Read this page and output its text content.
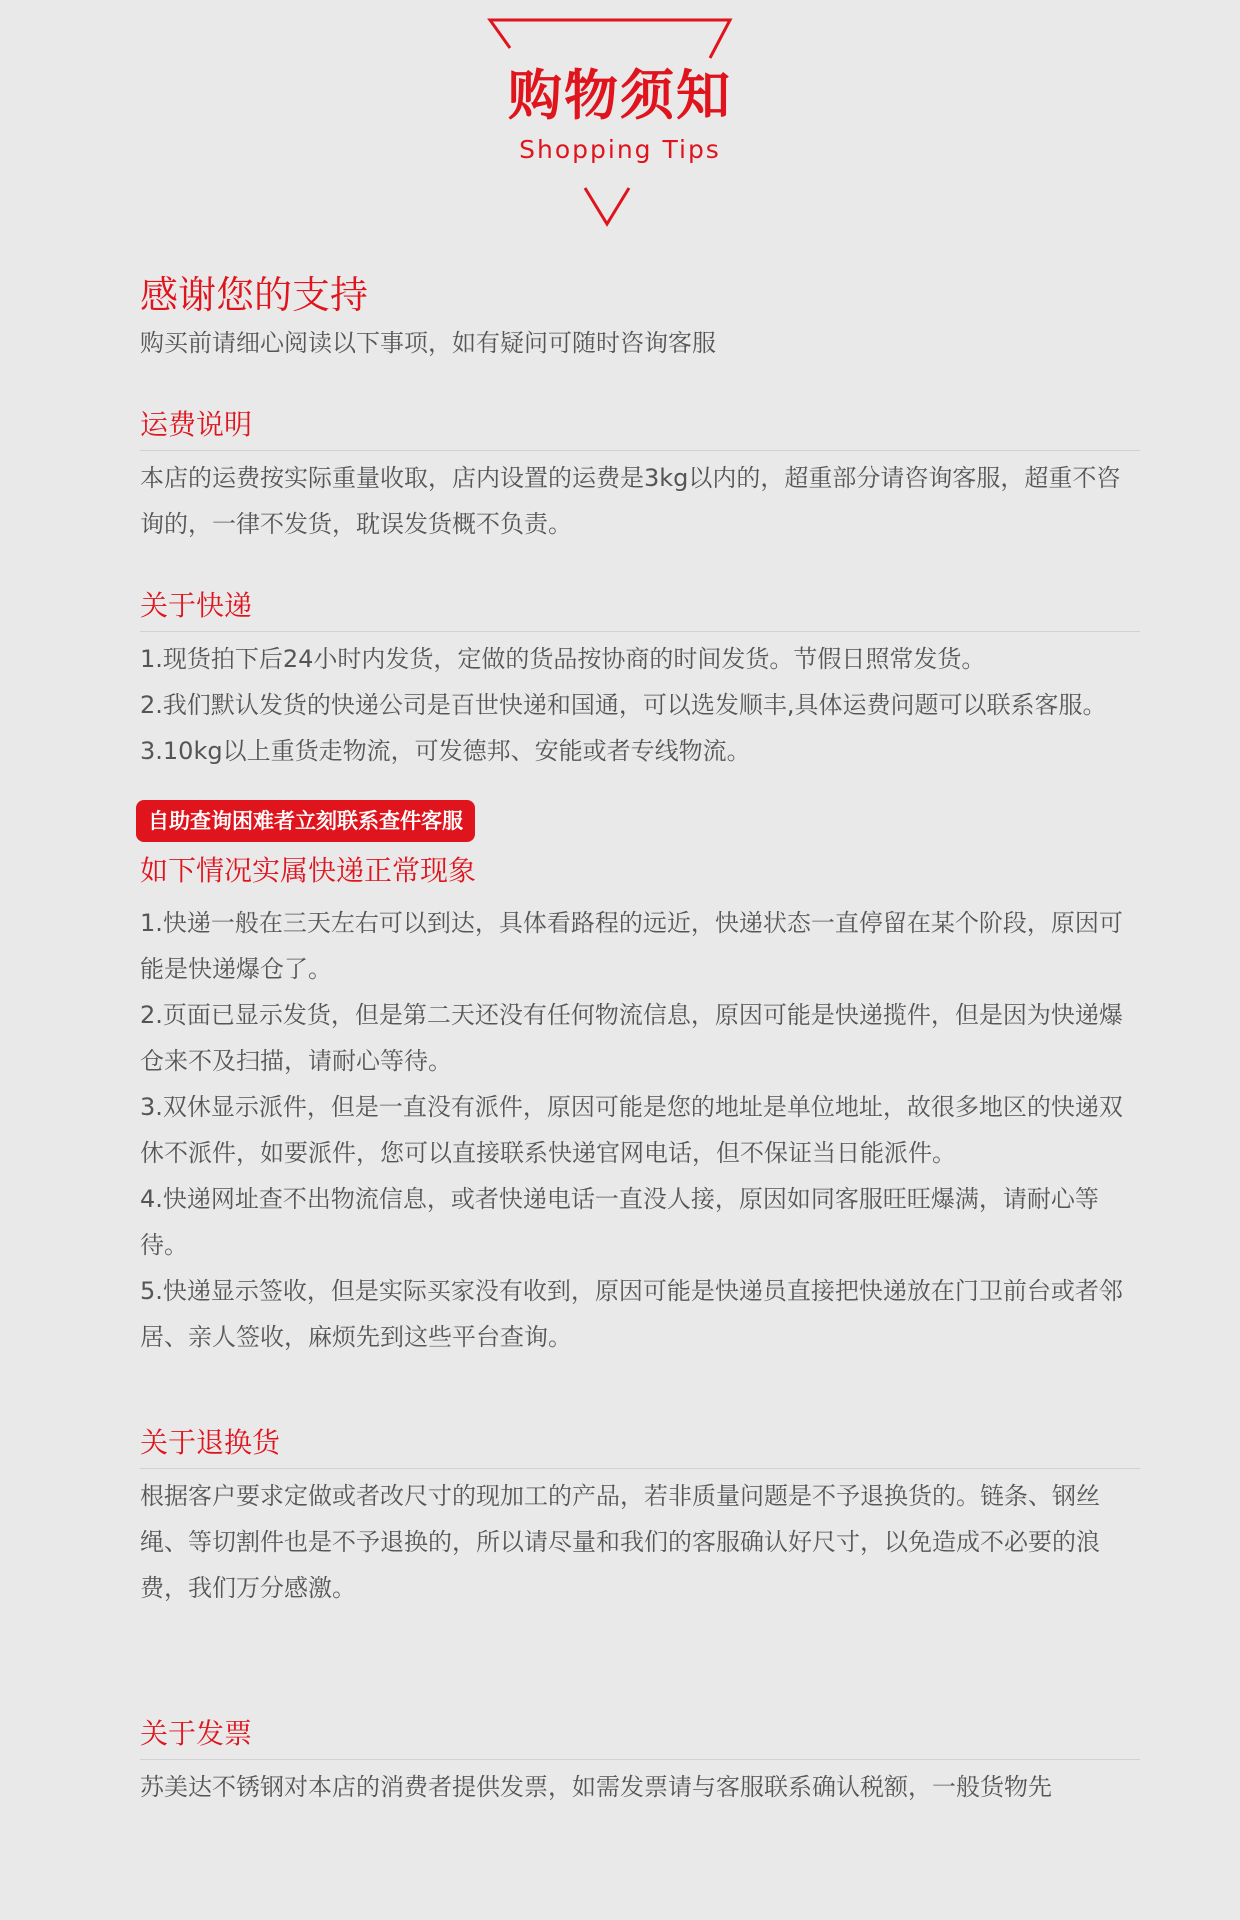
购物须知
Shopping Tips

感谢您的支持

购买前请细心阅读以下事项，如有疑问可随时咨询客服

运费说明

本店的运费按实际重量收取，店内设置的运费是3kg以内的，超重部分请咨询客服，超重不咨询的，一律不发货，耽误发货概不负责。

关于快递

1.现货拍下后24小时内发货，定做的货品按协商的时间发货。节假日照常发货。

2.我们默认发货的快递公司是百世快递和国通，可以选发顺丰,具体运费问题可以联系客服。

3.10kg以上重货走物流，可发德邦、安能或者专线物流。

自助查询困难者立刻联系查件客服

如下情况实属快递正常现象

1.快递一般在三天左右可以到达，具体看路程的远近，快递状态一直停留在某个阶段，原因可能是快递爆仓了。

2.页面已显示发货，但是第二天还没有任何物流信息，原因可能是快递揽件，但是因为快递爆仓来不及扫描，请耐心等待。

3.双休显示派件，但是一直没有派件，原因可能是您的地址是单位地址，故很多地区的快递双休不派件，如要派件，您可以直接联系快递官网电话，但不保证当日能派件。

4.快递网址查不出物流信息，或者快递电话一直没人接，原因如同客服旺旺爆满，请耐心等待。

5.快递显示签收，但是实际买家没有收到，原因可能是快递员直接把快递放在门卫前台或者邻居、亲人签收，麻烦先到这些平台查询。

关于退换货

根据客户要求定做或者改尺寸的现加工的产品，若非质量问题是不予退换货的。链条、钢丝绳、等切割件也是不予退换的，所以请尽量和我们的客服确认好尺寸，以免造成不必要的浪费，我们万分感激。

关于发票

苏美达不锈钢对本店的消费者提供发票，如需发票请与客服联系确认税额，一般货物先
